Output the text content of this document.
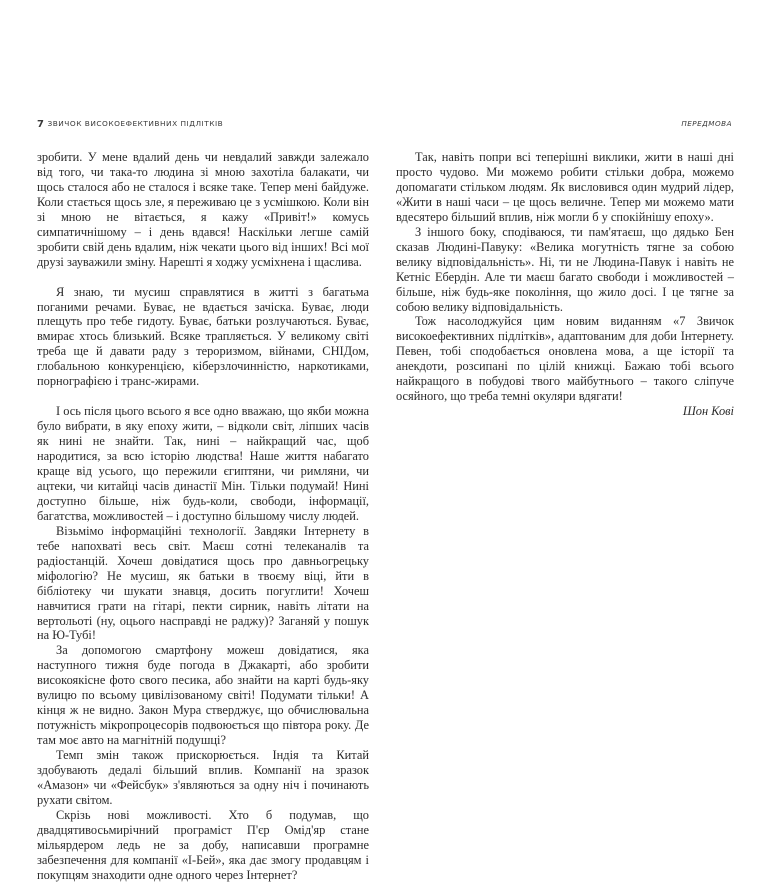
7 ЗВИЧОК ВИСОКОЕФЕКТИВНИХ ПІДЛІТКІВ	ПЕРЕДМОВА

зробити. У мене вдалий день чи невдалий завжди залежало від того, чи така-то людина зі мною захотіла балакати, чи щось сталося або не сталося і всяке таке. Тепер мені байдуже. Коли стається щось зле, я переживаю це з усмішкою. Коли він зі мною не вітається, я кажу «Привіт!» комусь симпатичнішому – і день вдався! Наскільки легше самій зробити свій день вдалим, ніж чекати цього від інших! Всі мої друзі зауважили зміну. Нарешті я ходжу усміхнена і щаслива.

Я знаю, ти мусиш справлятися в житті з багатьма поганими речами. Буває, не вдається зачіска. Буває, люди плещуть про тебе гидоту. Буває, батьки розлучаються. Буває, вмирає хтось близький. Всяке трапляється. У великому світі треба ще й давати раду з тероризмом, війнами, СНІДом, глобальною конкуренцією, кіберзлочинністю, наркотиками, порнографією і транс-жирами.

І ось після цього всього я все одно вважаю, що якби можна було вибрати, в яку епоху жити, – відколи світ, ліпших часів як нині не знайти. Так, нині – найкращий час, щоб народитися, за всю історію людства! Наше життя набагато краще від усього, що пережили єгиптяни, чи римляни, чи ацтеки, чи китайці часів династії Мін. Тільки подумай! Нині доступно більше, ніж будь-коли, свободи, інформації, багатства, можливостей – і доступно більшому числу людей.

Візьмімо інформаційні технології. Завдяки Інтернету в тебе напохваті весь світ. Маєш сотні телеканалів та радіостанцій. Хочеш довідатися щось про давньогрецьку міфологію? Не мусиш, як батьки в твоєму віці, йти в бібліотеку чи шукати знавця, досить погуглити! Хочеш навчитися грати на гітарі, пекти сирник, навіть літати на вертольоті (ну, оцього насправді не раджу)? Заганяй у пошук на Ю-Тубі!

За допомогою смартфону можеш довідатися, яка наступного тижня буде погода в Джакарті, або зробити високоякісне фото свого песика, або знайти на карті будь-яку вулицю по всьому цивілізованому світі! Подумати тільки! А кінця ж не видно. Закон Мура стверджує, що обчислювальна потужність мікропроцесорів подвоюється що півтора року. Де там моє авто на магнітній подушці?

Темп змін також прискорюється. Індія та Китай здобувають дедалі більший вплив. Компанії на зразок «Амазон» чи «Фейсбук» з'являються за одну ніч і починають рухати світом.

Скрізь нові можливості. Хто б подумав, що двадцятивосьмирічний програміст П'єр Омід'яр стане мільярдером ледь не за добу, написавши програмне забезпечення для компанії «І-Бей», яка дає змогу продавцям і покупцям знаходити одне одного через Інтернет?

Так, навіть попри всі теперішні виклики, жити в наші дні просто чудово. Ми можемо робити стільки добра, можемо допомагати стільком людям. Як висловився один мудрий лідер, «Жити в наші часи – це щось величне. Тепер ми можемо мати вдесятеро більший вплив, ніж могли б у спокійнішу епоху».

З іншого боку, сподіваюся, ти пам'ятаєш, що дядько Бен сказав Людині-Павуку: «Велика могутність тягне за собою велику відповідальність». Ні, ти не Людина-Павук і навіть не Кетніс Ебердін. Але ти маєш багато свободи і можливостей – більше, ніж будь-яке покоління, що жило досі. І це тягне за собою велику відповідальність.

Тож насолоджуйся цим новим виданням «7 Звичок високоефективних підлітків», адаптованим для доби Інтернету. Певен, тобі сподобається оновлена мова, а ще історії та анекдоти, розсипані по цілій книжці. Бажаю тобі всього найкращого в побудові твого майбутнього – такого сліпуче осяйного, що треба темні окуляри вдягати!

Шон Кові
